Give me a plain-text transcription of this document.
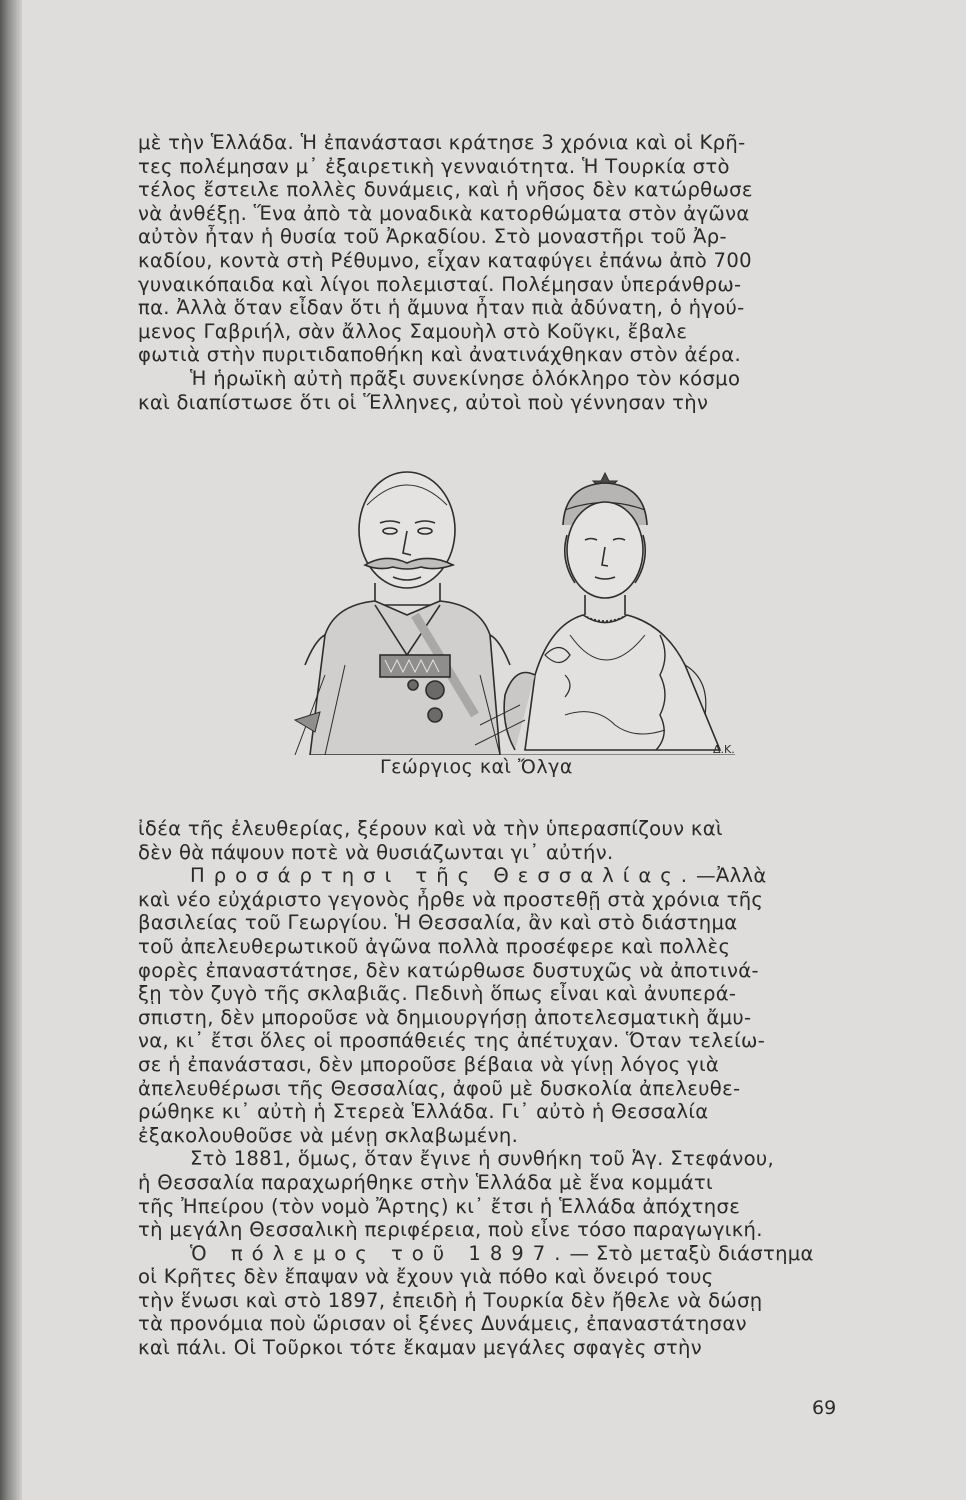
μὲ τὴν Ἑλλάδα. Ἡ ἐπανάστασι κράτησε 3 χρόνια καὶ οἱ Κρῆ-

τες πολέμησαν μ᾽ ἐξαιρετικὴ γενναιότητα. Ἡ Τουρκία στὸ

τέλος ἔστειλε πολλὲς δυνάμεις, καὶ ἡ νῆσος δὲν κατώρθωσε

νὰ ἀνθέξῃ. Ἕνα ἀπὸ τὰ μοναδικὰ κατορθώματα στὸν ἀγῶνα

αὐτὸν ἦταν ἡ θυσία τοῦ Ἀρκαδίου. Στὸ μοναστῆρι τοῦ Ἀρ-

καδίου, κοντὰ στὴ Ρέθυμνο, εἶχαν καταφύγει ἐπάνω ἀπὸ 700

γυναικόπαιδα καὶ λίγοι πολεμισταί. Πολέμησαν ὑπεράνθρω-

πα. Ἀλλὰ ὅταν εἶδαν ὅτι ἡ ἄμυνα ἦταν πιὰ ἀδύνατη, ὁ ἡγού-

μενος Γαβριήλ, σὰν ἄλλος Σαμουὴλ στὸ Κοῦγκι, ἔβαλε

φωτιὰ στὴν πυριτιδαποθήκη καὶ ἀνατινάχθηκαν στὸν ἀέρα.

Ἡ ἡρωϊκὴ αὐτὴ πρᾶξι συνεκίνησε ὁλόκληρο τὸν κόσμο

καὶ διαπίστωσε ὅτι οἱ Ἕλληνες, αὐτοὶ ποὺ γέννησαν τὴν

Δ.Κ.
Γεώργιος καὶ Ὄλγα

ἰδέα τῆς ἐλευθερίας, ξέρουν καὶ νὰ τὴν ὑπερασπίζουν καὶ

δὲν θὰ πάψουν ποτὲ νὰ θυσιάζωνται γι᾽ αὐτήν.

Προσάρτησι τῆς Θεσσαλίας.—Ἀλλὰ

καὶ νέο εὐχάριστο γεγονὸς ἦρθε νὰ προστεθῇ στὰ χρόνια τῆς

βασιλείας τοῦ Γεωργίου. Ἡ Θεσσαλία, ἂν καὶ στὸ διάστημα

τοῦ ἀπελευθερωτικοῦ ἀγῶνα πολλὰ προσέφερε καὶ πολλὲς

φορὲς ἐπαναστάτησε, δὲν κατώρθωσε δυστυχῶς νὰ ἀποτινά-

ξῃ τὸν ζυγὸ τῆς σκλαβιᾶς. Πεδινὴ ὅπως εἶναι καὶ ἀνυπερά-

σπιστη, δὲν μποροῦσε νὰ δημιουργήσῃ ἀποτελεσματικὴ ἄμυ-

να, κι᾽ ἔτσι ὅλες οἱ προσπάθειές της ἀπέτυχαν. Ὅταν τελείω-

σε ἡ ἐπανάστασι, δὲν μποροῦσε βέβαια νὰ γίνῃ λόγος γιὰ

ἀπελευθέρωσι τῆς Θεσσαλίας, ἀφοῦ μὲ δυσκολία ἀπελευθε-

ρώθηκε κι᾽ αὐτὴ ἡ Στερεὰ Ἑλλάδα. Γι᾽ αὐτὸ ἡ Θεσσαλία

ἐξακολουθοῦσε νὰ μένῃ σκλαβωμένη.

Στὸ 1881, ὅμως, ὅταν ἔγινε ἡ συνθήκη τοῦ Ἁγ. Στεφάνου,

ἡ Θεσσαλία παραχωρήθηκε στὴν Ἑλλάδα μὲ ἕνα κομμάτι

τῆς Ἠπείρου (τὸν νομὸ Ἄρτης) κι᾽ ἔτσι ἡ Ἑλλάδα ἀπόχτησε

τὴ μεγάλη Θεσσαλικὴ περιφέρεια, ποὺ εἶνε τόσο παραγωγική.

Ὁ πόλεμος τοῦ 1897.— Στὸ μεταξὺ διάστημα

οἱ Κρῆτες δὲν ἔπαψαν νὰ ἔχουν γιὰ πόθο καὶ ὄνειρό τους

τὴν ἕνωσι καὶ στὸ 1897, ἐπειδὴ ἡ Τουρκία δὲν ἤθελε νὰ δώσῃ

τὰ προνόμια ποὺ ὥρισαν οἱ ξένες Δυνάμεις, ἐπαναστάτησαν

καὶ πάλι. Οἱ Τοῦρκοι τότε ἔκαμαν μεγάλες σφαγὲς στὴν

69
